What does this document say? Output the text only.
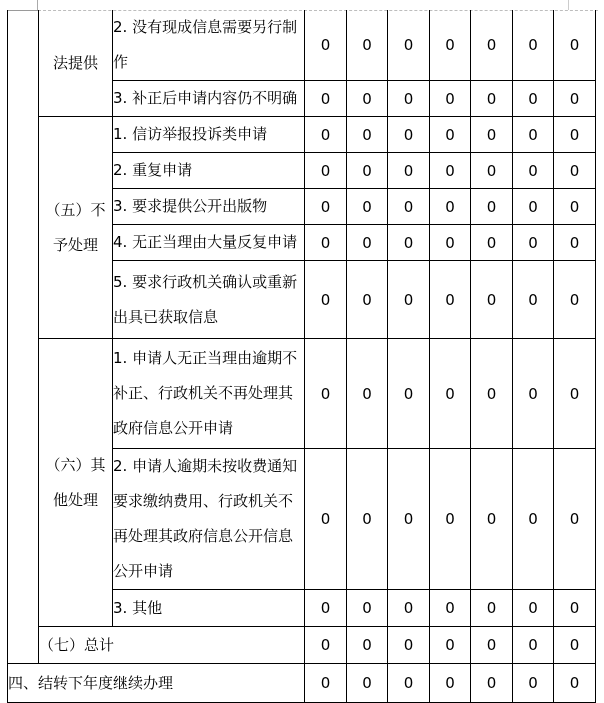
	法提供	2. 没有现成信息需要另行制作	0	0	0	0	0	0	0
		3. 补正后申请内容仍不明确	0	0	0	0	0	0	0
	（五）不予处理	1. 信访举报投诉类申请	0	0	0	0	0	0	0
		2. 重复申请	0	0	0	0	0	0	0
		3. 要求提供公开出版物	0	0	0	0	0	0	0
		4. 无正当理由大量反复申请	0	0	0	0	0	0	0
		5. 要求行政机关确认或重新出具已获取信息	0	0	0	0	0	0	0
	（六）其他处理	1. 申请人无正当理由逾期不补正、行政机关不再处理其政府信息公开申请	0	0	0	0	0	0	0
		2. 申请人逾期未按收费通知要求缴纳费用、行政机关不再处理其政府信息公开信息公开申请	0	0	0	0	0	0	0
		3. 其他	0	0	0	0	0	0	0
	（七）总计		0	0	0	0	0	0	0
四、结转下年度继续办理			0	0	0	0	0	0	0
